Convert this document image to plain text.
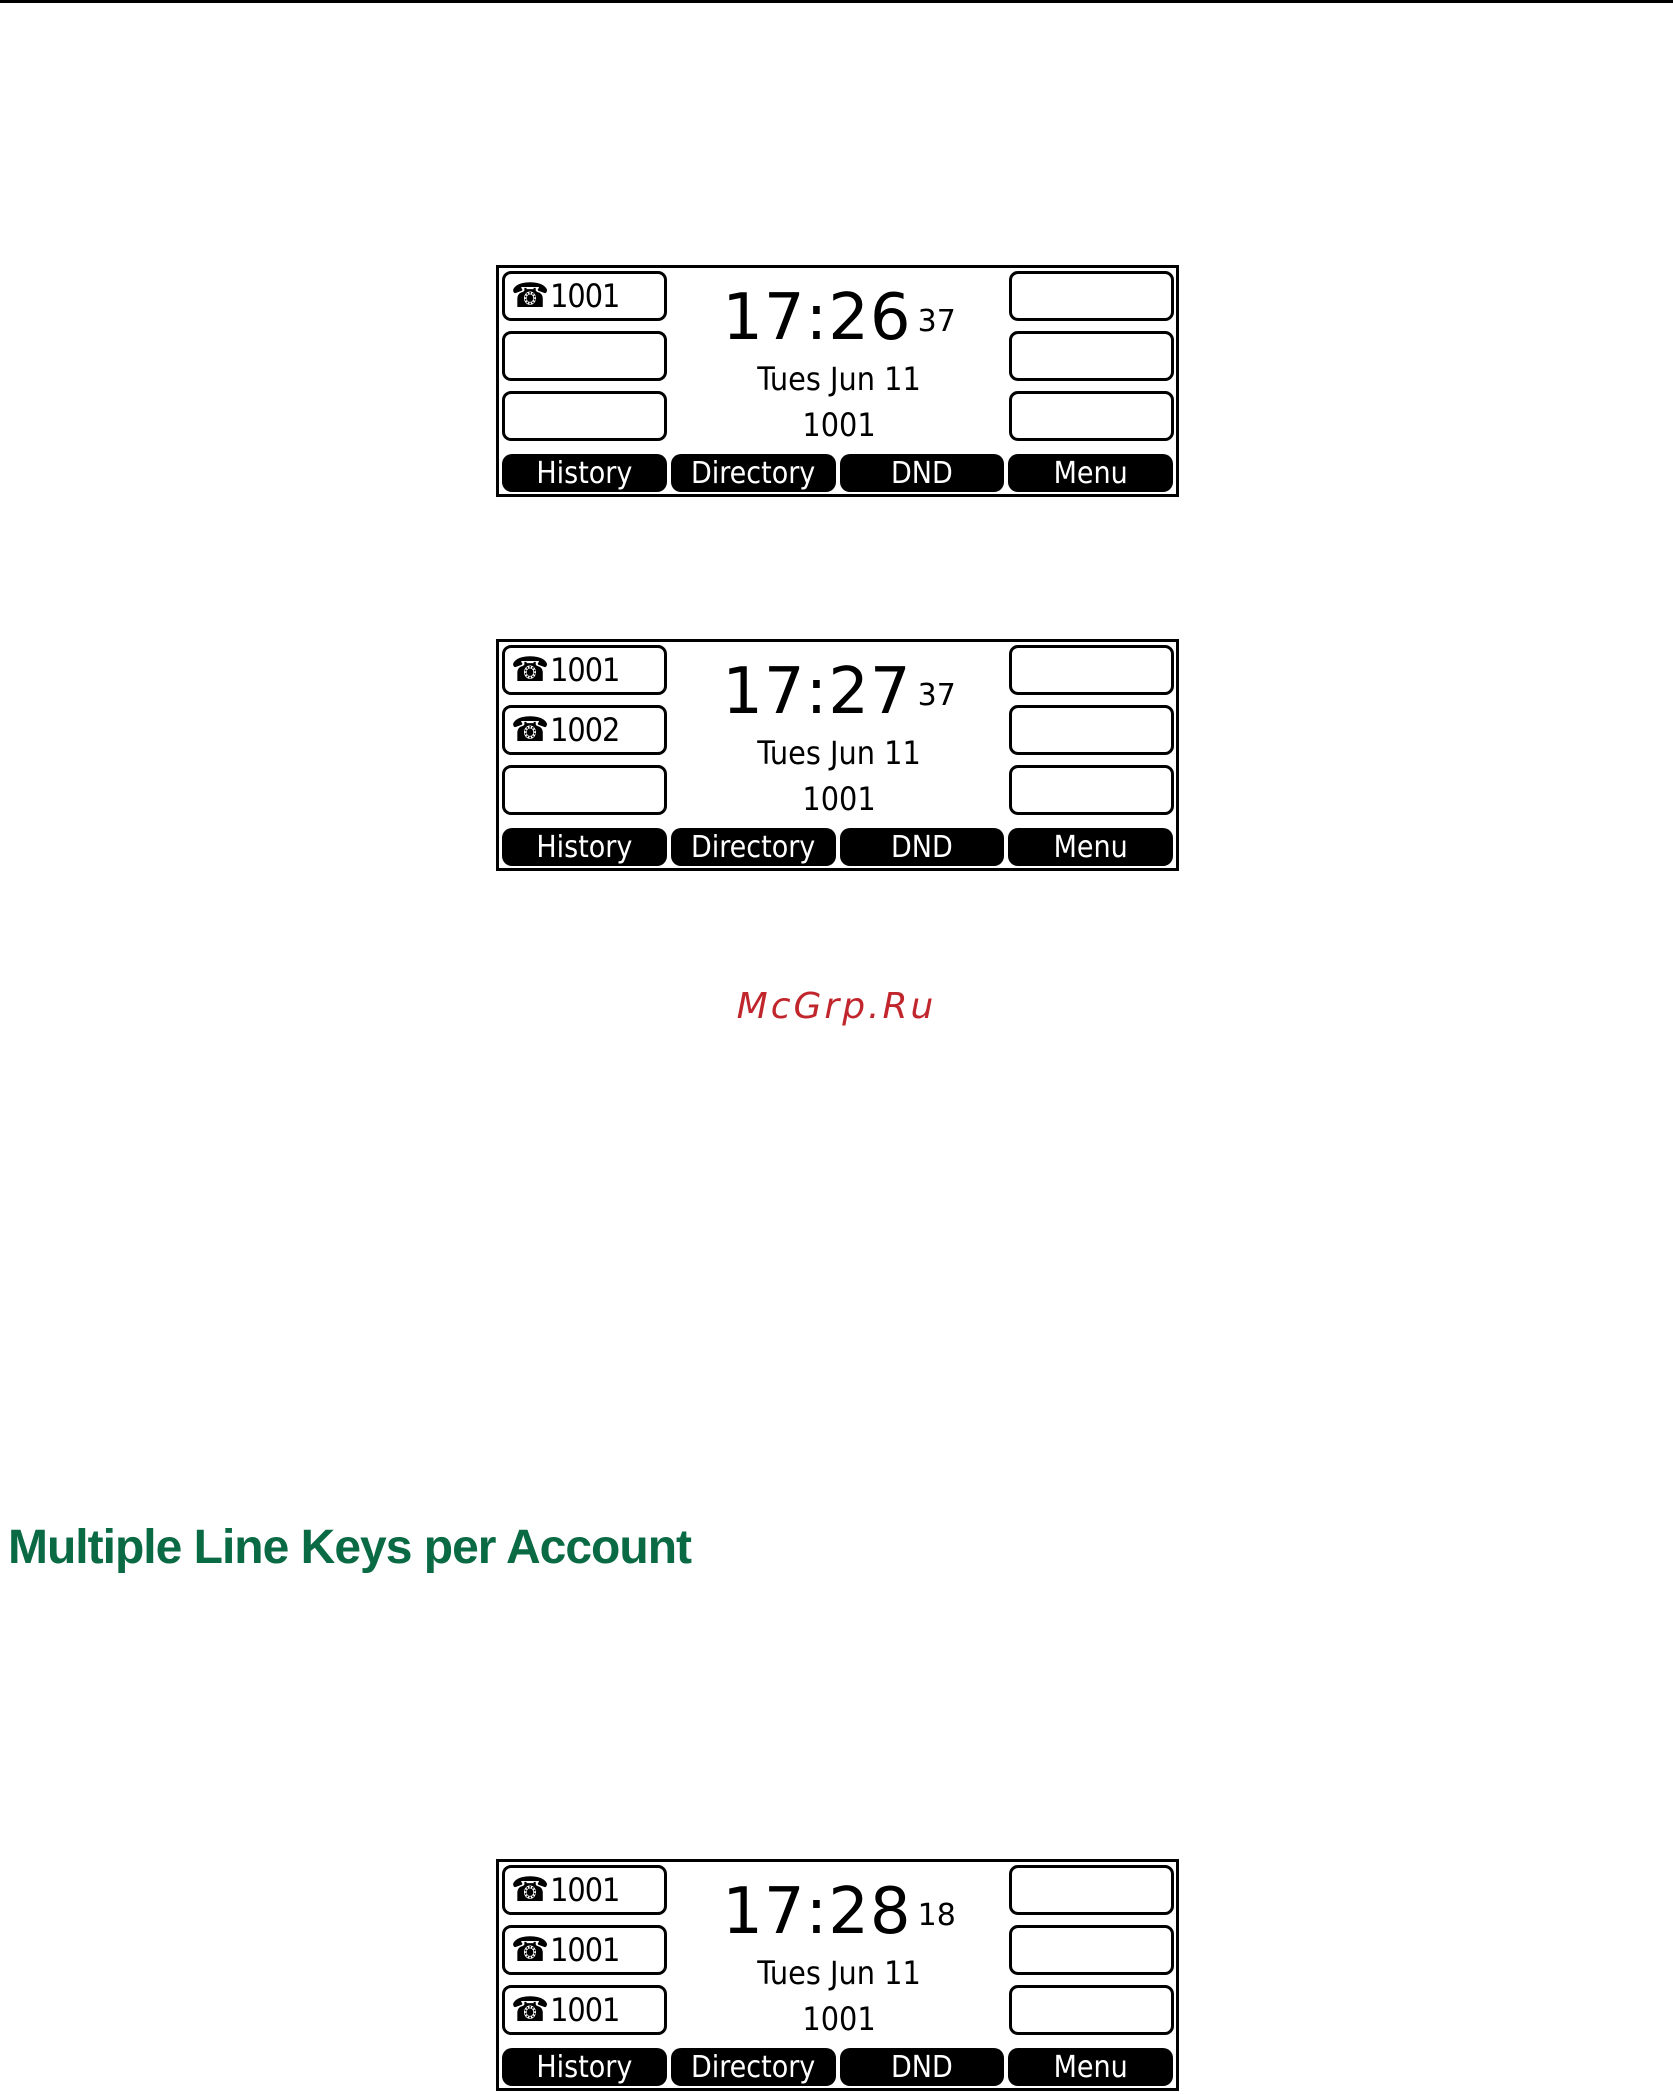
☎ 1001	17:26 37
Tues Jun 11
1001
History	Directory	DND	Menu
☎ 1001
☎ 1002
17:27 37
Tues Jun 11
1001
History	Directory	DND	Menu
McGrp.Ru
Multiple Line Keys per Account
☎ 1001
☎ 1001
☎ 1001
17:28 18
Tues Jun 11
1001
History	Directory	DND	Menu
